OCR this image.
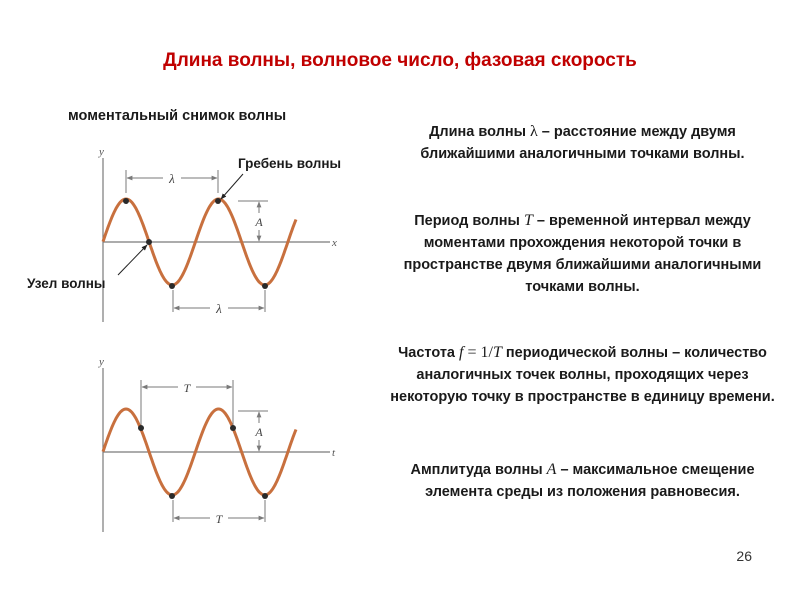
Длина волны, волновое число, фазовая скорость
моментальный снимок волны
y
x
λ
λ
A
y
t
T
T
A
Гребень волны
Узел волны
Длина волны λ – расстояние между двумя ближайшими аналогичными точками волны.
Период волны T – временной интервал между моментами прохождения некоторой точки в пространстве двумя ближайшими аналогичными точками волны.
Частота f = 1/T периодической волны – количество аналогичных точек волны, проходящих через некоторую точку в пространстве в единицу времени.
Амплитуда волны A – максимальное смещение элемента среды из положения равновесия.
26
